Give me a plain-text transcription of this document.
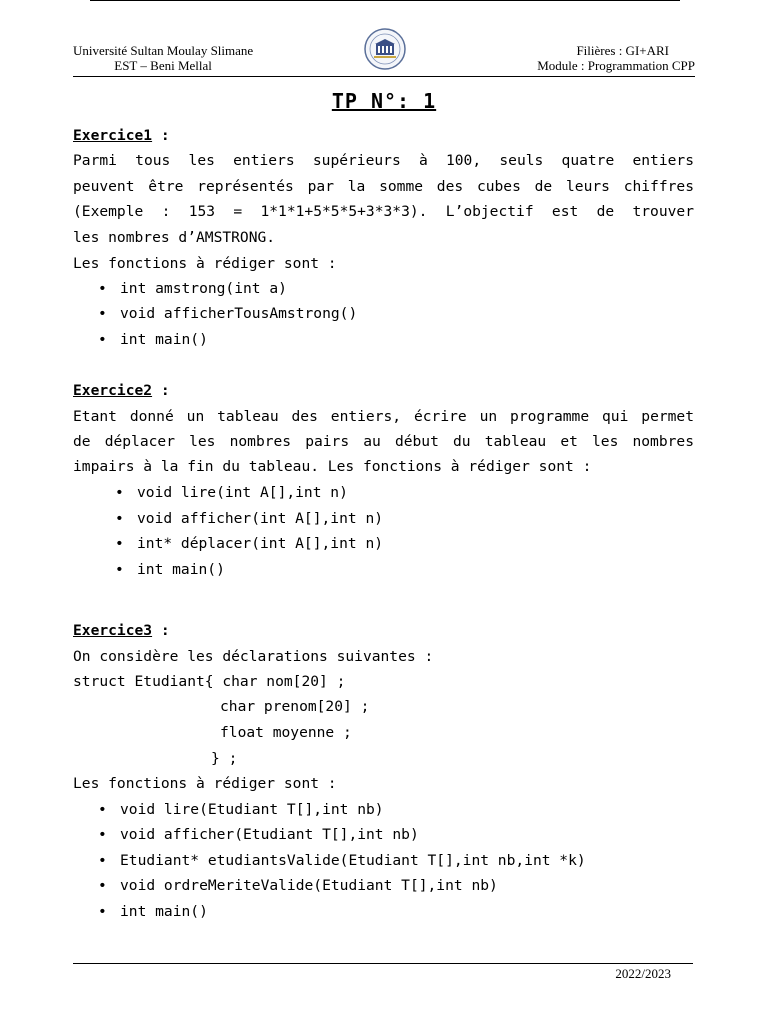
Université Sultan Moulay Slimane
EST – Beni Mellal
Filières : GI+ARI
Module : Programmation CPP
TP N°: 1
Exercice1 :
Parmi tous les entiers supérieurs à 100, seuls quatre entiers
peuvent être représentés par la somme des cubes de leurs chiffres
(Exemple : 153 = 1*1*1+5*5*5+3*3*3). L’objectif est de trouver
les nombres d’AMSTRONG.
Les fonctions à rédiger sont :
• int amstrong(int a)
• void afficherTousAmstrong()
• int main()
Exercice2 :
Etant donné un tableau des entiers, écrire un programme qui permet
de déplacer les nombres pairs au début du tableau et les nombres
impairs à la fin du tableau. Les fonctions à rédiger sont :
• void lire(int A[],int n)
• void afficher(int A[],int n)
• int* déplacer(int A[],int n)
• int main()
Exercice3 :
On considère les déclarations suivantes :
struct Etudiant{ char nom[20] ;
char prenom[20] ;
float moyenne ;
} ;
Les fonctions à rédiger sont :
• void lire(Etudiant T[],int nb)
• void afficher(Etudiant T[],int nb)
• Etudiant* etudiantsValide(Etudiant T[],int nb,int *k)
• void ordreMeriteValide(Etudiant T[],int nb)
• int main()
2022/2023
